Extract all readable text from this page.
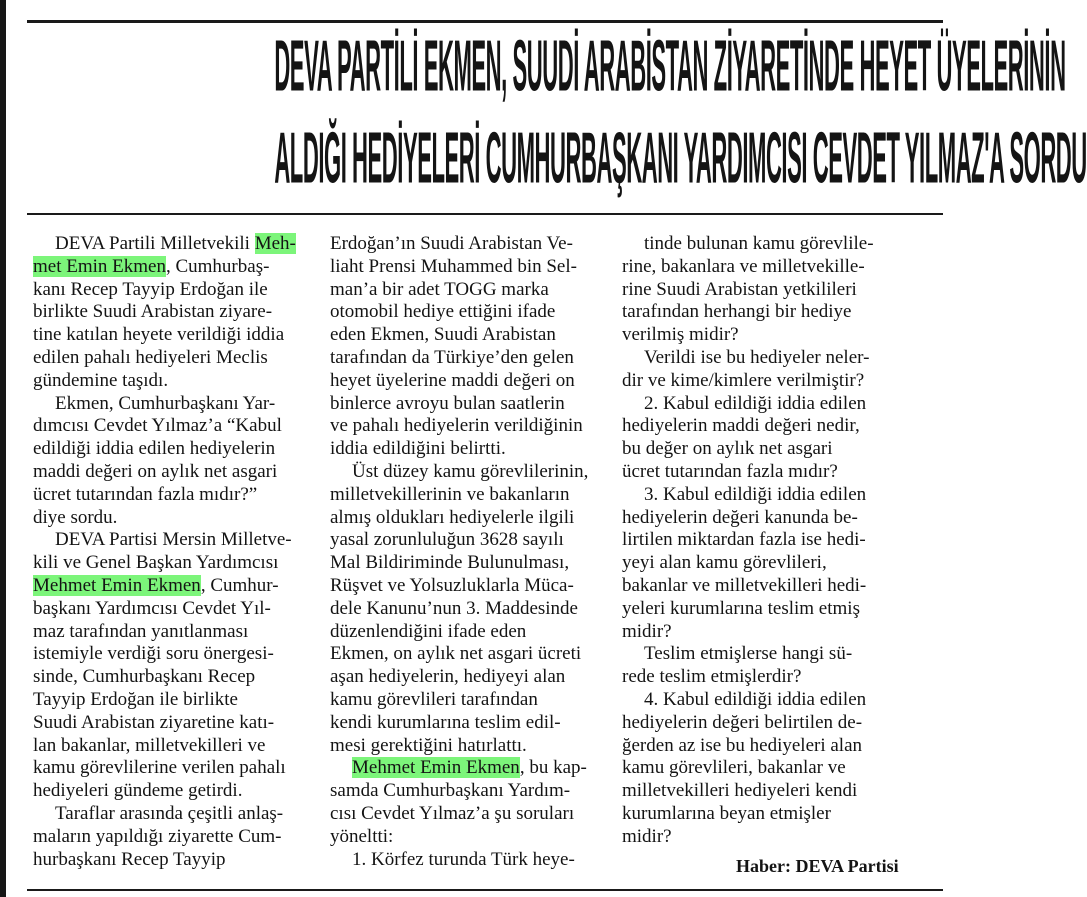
DEVA PARTİLİ EKMEN, SUUDİ ARABİSTAN ZİYARETİNDE HEYET ÜYELERİNİN
ALDIĞI HEDİYELERİ CUMHURBAŞKANI YARDIMCISI CEVDET YILMAZ'A SORDU
DEVA Partili Milletvekili Meh-
met Emin Ekmen, Cumhurbaş-
kanı Recep Tayyip Erdoğan ile
birlikte Suudi Arabistan ziyare-
tine katılan heyete verildiği iddia
edilen pahalı hediyeleri Meclis
gündemine taşıdı.
Ekmen, Cumhurbaşkanı Yar-
dımcısı Cevdet Yılmaz’a “Kabul
edildiği iddia edilen hediyelerin
maddi değeri on aylık net asgari
ücret tutarından fazla mıdır?”
diye sordu.
DEVA Partisi Mersin Milletve-
kili ve Genel Başkan Yardımcısı
Mehmet Emin Ekmen, Cumhur-
başkanı Yardımcısı Cevdet Yıl-
maz tarafından yanıtlanması
istemiyle verdiği soru önergesi-
sinde, Cumhurbaşkanı Recep
Tayyip Erdoğan ile birlikte
Suudi Arabistan ziyaretine katı-
lan bakanlar, milletvekilleri ve
kamu görevlilerine verilen pahalı
hediyeleri gündeme getirdi.
Taraflar arasında çeşitli anlaş-
maların yapıldığı ziyarette Cum-
hurbaşkanı Recep Tayyip
Erdoğan’ın Suudi Arabistan Ve-
liaht Prensi Muhammed bin Sel-
man’a bir adet TOGG marka
otomobil hediye ettiğini ifade
eden Ekmen, Suudi Arabistan
tarafından da Türkiye’den gelen
heyet üyelerine maddi değeri on
binlerce avroyu bulan saatlerin
ve pahalı hediyelerin verildiğinin
iddia edildiğini belirtti.
Üst düzey kamu görevlilerinin,
milletvekillerinin ve bakanların
almış oldukları hediyelerle ilgili
yasal zorunluluğun 3628 sayılı
Mal Bildiriminde Bulunulması,
Rüşvet ve Yolsuzluklarla Müca-
dele Kanunu’nun 3. Maddesinde
düzenlendiğini ifade eden
Ekmen, on aylık net asgari ücreti
aşan hediyelerin, hediyeyi alan
kamu görevlileri tarafından
kendi kurumlarına teslim edil-
mesi gerektiğini hatırlattı.
Mehmet Emin Ekmen, bu kap-
samda Cumhurbaşkanı Yardım-
cısı Cevdet Yılmaz’a şu soruları
yöneltti:
1. Körfez turunda Türk heye-
tinde bulunan kamu görevlile-
rine, bakanlara ve milletvekille-
rine Suudi Arabistan yetkilileri
tarafından herhangi bir hediye
verilmiş midir?
Verildi ise bu hediyeler neler-
dir ve kime/kimlere verilmiştir?
2. Kabul edildiği iddia edilen
hediyelerin maddi değeri nedir,
bu değer on aylık net asgari
ücret tutarından fazla mıdır?
3. Kabul edildiği iddia edilen
hediyelerin değeri kanunda be-
lirtilen miktardan fazla ise hedi-
yeyi alan kamu görevlileri,
bakanlar ve milletvekilleri hedi-
yeleri kurumlarına teslim etmiş
midir?
Teslim etmişlerse hangi sü-
rede teslim etmişlerdir?
4. Kabul edildiği iddia edilen
hediyelerin değeri belirtilen de-
ğerden az ise bu hediyeleri alan
kamu görevlileri, bakanlar ve
milletvekilleri hediyeleri kendi
kurumlarına beyan etmişler
midir?
Haber: DEVA Partisi
